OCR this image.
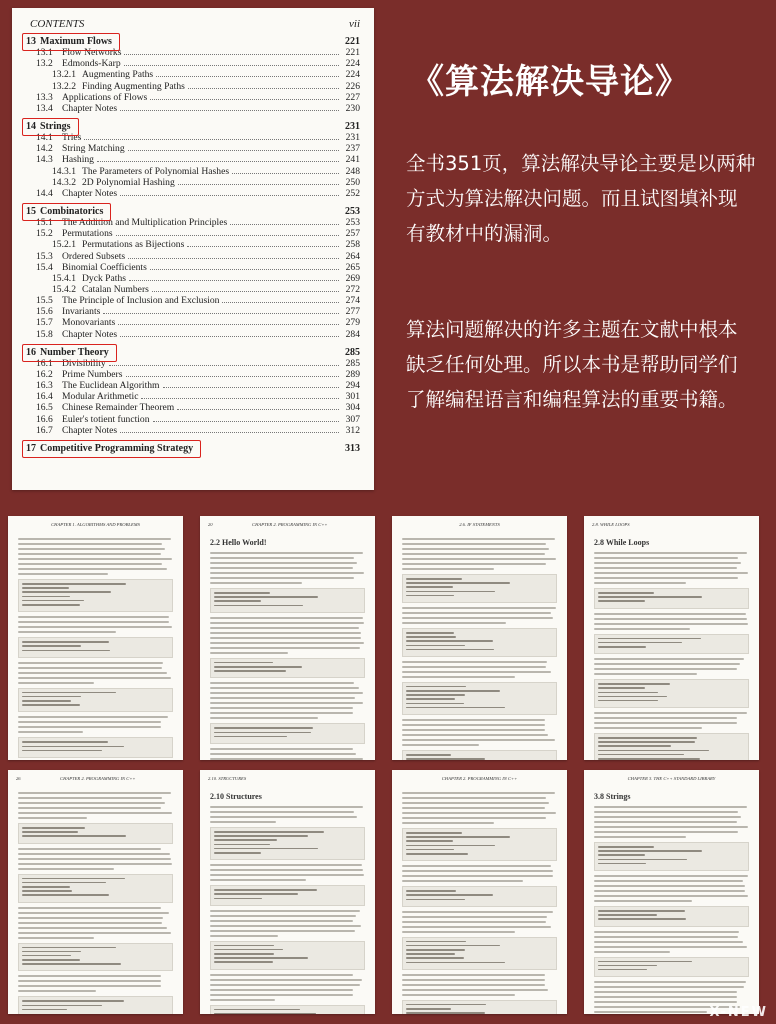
CONTENTS	vii
13 Maximum Flows	221
13.1 Flow Networks	221
13.2 Edmonds-Karp	224
13.2.1 Augmenting Paths	224
13.2.2 Finding Augmenting Paths	226
13.3 Applications of Flows	227
13.4 Chapter Notes	230
14 Strings	231
14.1 Tries	231
14.2 String Matching	237
14.3 Hashing	241
14.3.1 The Parameters of Polynomial Hashes	248
14.3.2 2D Polynomial Hashing	250
14.4 Chapter Notes	252
15 Combinatorics	253
15.1 The Addition and Multiplication Principles	253
15.2 Permutations	257
15.2.1 Permutations as Bijections	258
15.3 Ordered Subsets	264
15.4 Binomial Coefficients	265
15.4.1 Dyck Paths	269
15.4.2 Catalan Numbers	272
15.5 The Principle of Inclusion and Exclusion	274
15.6 Invariants	277
15.7 Monovariants	279
15.8 Chapter Notes	284
16 Number Theory	285
16.1 Divisibility	285
16.2 Prime Numbers	289
16.3 The Euclidean Algorithm	294
16.4 Modular Arithmetic	301
16.5 Chinese Remainder Theorem	304
16.6 Euler's totient function	307
16.7 Chapter Notes	312
17 Competitive Programming Strategy	313
《算法解决导论》
全书351页，算法解决导论主要是以两种方式为算法解决问题。而且试图填补现有教材中的漏洞。
算法问题解决的许多主题在文献中根本缺乏任何处理。所以本书是帮助同学们了解编程语言和编程算法的重要书籍。
CHAPTER 1. ALGORITHMS AND PROBLEMS	20	CHAPTER 2. PROGRAMMING IN C++
2.2 Hello World!
2.6. IF STATEMENTS	2.8. WHILE LOOPS
2.8 While Loops
26	CHAPTER 2. PROGRAMMING IN C++	2.10. STRUCTURES
2.10 Structures
CHAPTER 2. PROGRAMMING IN C++	CHAPTER 3. THE C++ STANDARD LIBRARY
3.8 Strings
X-NEW
